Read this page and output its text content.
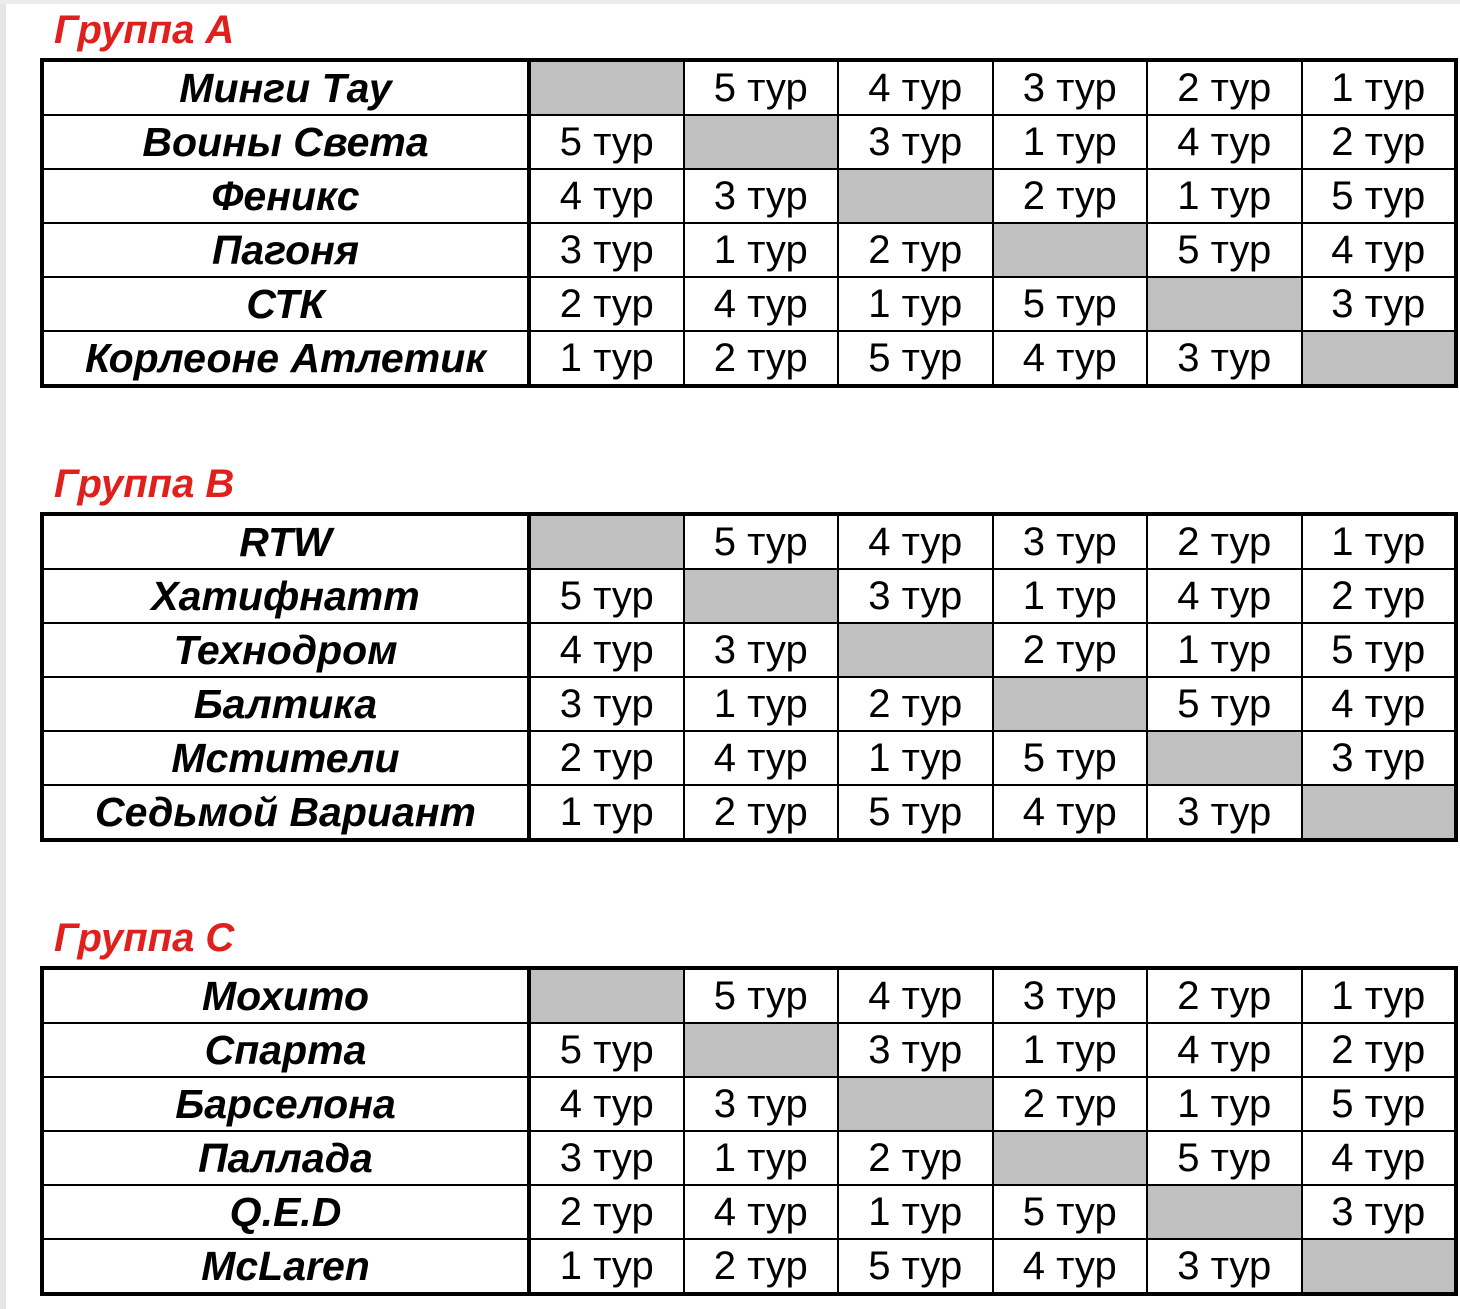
Группа А
Минги Тау		5 тур	4 тур	3 тур	2 тур	1 тур
Воины Света	5 тур		3 тур	1 тур	4 тур	2 тур
Феникс	4 тур	3 тур		2 тур	1 тур	5 тур
Пагоня	3 тур	1 тур	2 тур		5 тур	4 тур
СТК	2 тур	4 тур	1 тур	5 тур		3 тур
Корлеоне Атлетик	1 тур	2 тур	5 тур	4 тур	3 тур	
Группа В
RTW		5 тур	4 тур	3 тур	2 тур	1 тур
Хатифнатт	5 тур		3 тур	1 тур	4 тур	2 тур
Технодром	4 тур	3 тур		2 тур	1 тур	5 тур
Балтика	3 тур	1 тур	2 тур		5 тур	4 тур
Мстители	2 тур	4 тур	1 тур	5 тур		3 тур
Седьмой Вариант	1 тур	2 тур	5 тур	4 тур	3 тур	
Группа С
Мохито		5 тур	4 тур	3 тур	2 тур	1 тур
Спарта	5 тур		3 тур	1 тур	4 тур	2 тур
Барселона	4 тур	3 тур		2 тур	1 тур	5 тур
Паллада	3 тур	1 тур	2 тур		5 тур	4 тур
Q.E.D	2 тур	4 тур	1 тур	5 тур		3 тур
McLaren	1 тур	2 тур	5 тур	4 тур	3 тур	
